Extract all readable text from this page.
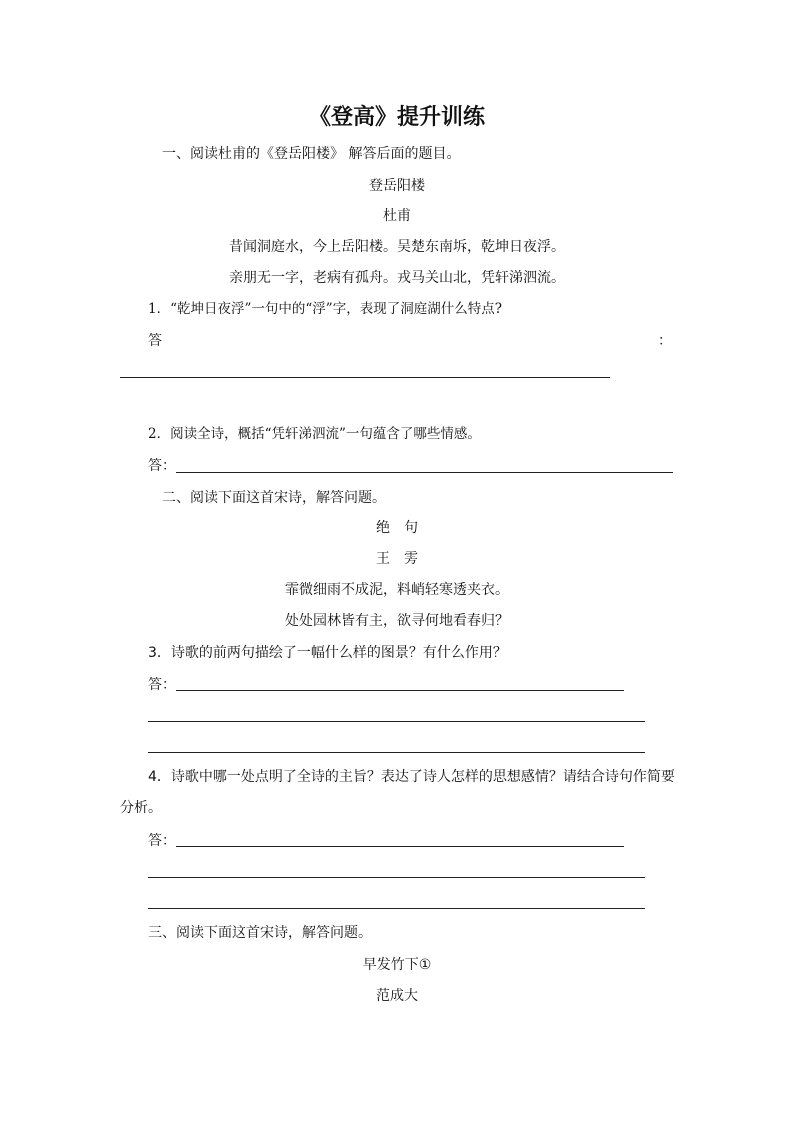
《登高》提升训练
一、阅读杜甫的《登岳阳楼》 解答后面的题目。
登岳阳楼
杜甫
昔闻洞庭水，今上岳阳楼。吴楚东南坼，乾坤日夜浮。
亲朋无一字，老病有孤舟。戎马关山北，凭轩涕泗流。
1．“乾坤日夜浮”一句中的“浮”字，表现了洞庭湖什么特点?
答	：
2．阅读全诗，概括“凭轩涕泗流”一句蕴含了哪些情感。
答：
二、阅读下面这首宋诗，解答问题。
绝　句
王　雱
霏微细雨不成泥，料峭轻寒透夹衣。
处处园林皆有主，欲寻何地看春归？
3．诗歌的前两句描绘了一幅什么样的图景？有什么作用？
答：
4．诗歌中哪一处点明了全诗的主旨？表达了诗人怎样的思想感情？请结合诗句作简要
分析。
答：
三、阅读下面这首宋诗，解答问题。
早发竹下①
范成大
